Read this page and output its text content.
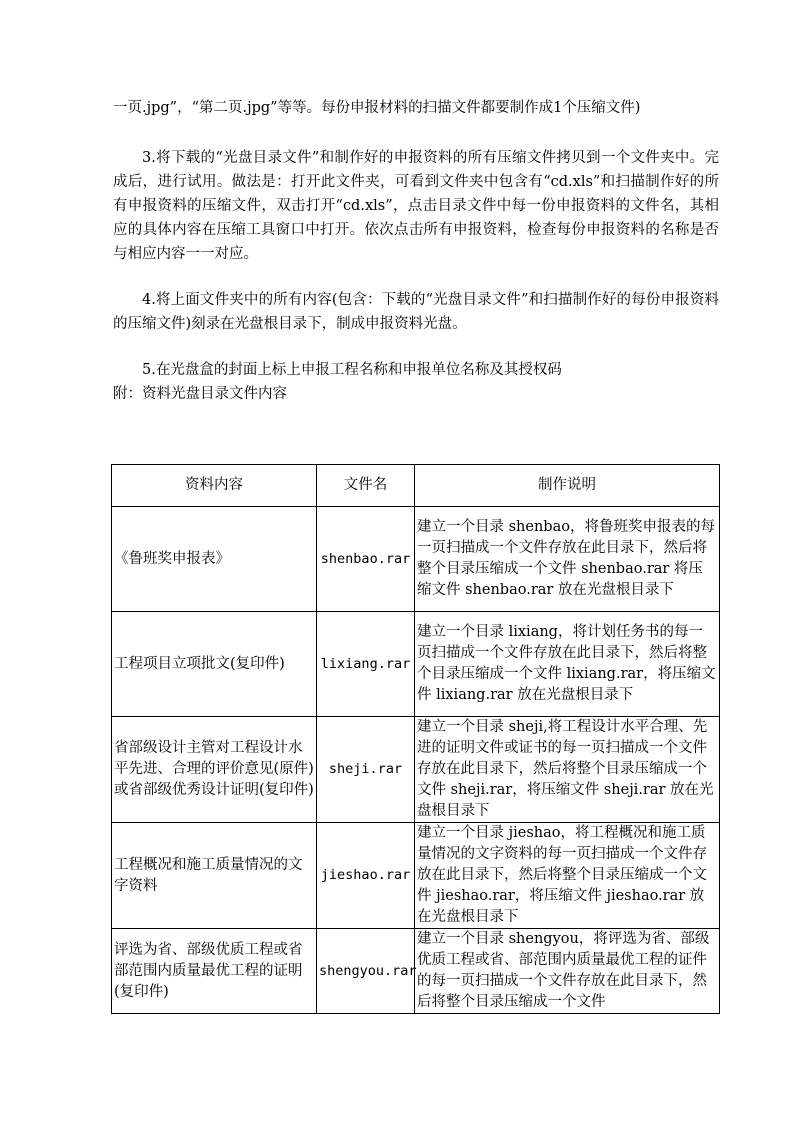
一页.jpg”，“第二页.jpg”等等。每份申报材料的扫描文件都要制作成1个压缩文件)

3.将下载的“光盘目录文件”和制作好的申报资料的所有压缩文件拷贝到一个文件夹中。完成后，进行试用。做法是：打开此文件夹，可看到文件夹中包含有“cd.xls”和扫描制作好的所有申报资料的压缩文件，双击打开“cd.xls”，点击目录文件中每一份申报资料的文件名，其相应的具体内容在压缩工具窗口中打开。依次点击所有申报资料，检查每份申报资料的名称是否与相应内容一一对应。

4.将上面文件夹中的所有内容(包含：下载的“光盘目录文件”和扫描制作好的每份申报资料的压缩文件)刻录在光盘根目录下，制成申报资料光盘。

5.在光盘盒的封面上标上申报工程名称和申报单位名称及其授权码

附：资料光盘目录文件内容

资料内容	文件名	制作说明
《鲁班奖申报表》	shenbao.rar	建立一个目录 shenbao，将鲁班奖申报表的每一页扫描成一个文件存放在此目录下，然后将整个目录压缩成一个文件 shenbao.rar 将压缩文件 shenbao.rar 放在光盘根目录下
工程项目立项批文(复印件)	lixiang.rar	建立一个目录 lixiang，将计划任务书的每一页扫描成一个文件存放在此目录下，然后将整个目录压缩成一个文件 lixiang.rar，将压缩文件 lixiang.rar 放在光盘根目录下
省部级设计主管对工程设计水平先进、合理的评价意见(原件)或省部级优秀设计证明(复印件)	sheji.rar	建立一个目录 sheji,将工程设计水平合理、先进的证明文件或证书的每一页扫描成一个文件存放在此目录下，然后将整个目录压缩成一个文件 sheji.rar，将压缩文件 sheji.rar 放在光盘根目录下
工程概况和施工质量情况的文字资料	jieshao.rar	建立一个目录 jieshao，将工程概况和施工质量情况的文字资料的每一页扫描成一个文件存放在此目录下，然后将整个目录压缩成一个文件 jieshao.rar，将压缩文件 jieshao.rar 放在光盘根目录下
评选为省、部级优质工程或省部范围内质量最优工程的证明(复印件)	shengyou.rar	建立一个目录 shengyou，将评选为省、部级优质工程或省、部范围内质量最优工程的证件的每一页扫描成一个文件存放在此目录下，然后将整个目录压缩成一个文件
